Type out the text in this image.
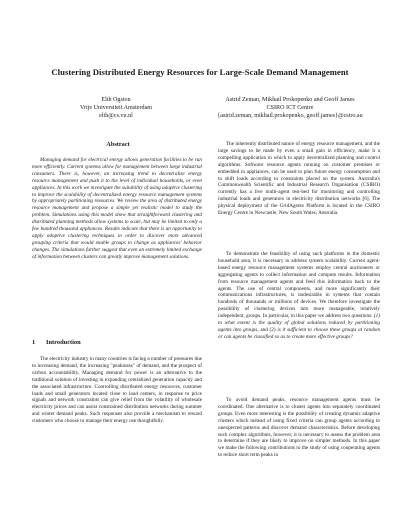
Clustering Distributed Energy Resources for Large-Scale Demand Management
Elth Ogston
Vrije Universiteit Amsterdam
elth@cs.vu.nl
Astrid Zeman, Mikhail Prokopenko and Geoff James
CSIRO ICT Centre
{astrid.zeman, mikhail.prokopenko, geoff.james}@csiro.au
Abstract
Managing demand for electrical energy allows generation facilities to be run more efficiently. Current systems allow for management between large industrial consumers. There is, however, an increasing trend to decentralize energy resource management and push it to the level of individual households, or even appliances. In this work we investigate the suitability of using adaptive clustering to improve the scalability of decentralized energy resource management systems by appropriately partitioning resources. We review the area of distributed energy resource management and propose a simple yet realistic model to study the problem. Simulations using this model show that straightforward clustering and distributed planning methods allow systems to scale, but may be limited to only a few hundred thousand appliances. Results indicate that there is an opportunity to apply adaptive clustering techniques in order to discover more advanced grouping criteria that would enable groups to change as appliances' behavior changes. The simulations further suggest that even an extremely limited exchange of information between clusters can greatly improve management solutions.
1 Introduction
The electricity industry in many countries is facing a number of pressures due to increasing demand, the increasing "peakiness" of demand, and the prospect of carbon accountability. Managing demand for power is an alternative to the traditional solution of investing in expanding centralized generation capacity and the associated infrastructure. Controlling distributed energy resources, customer loads and small generators located close to load centers, in response to price signals and network constraints can give relief from the volatility of wholesale electricity prices and can assist constrained distribution networks during summer and winter demand peaks. Such responses also provide a mechanism to reward customers who choose to manage their energy use thoughtfully.
The inherently distributed nature of energy resource management, and the large savings to be made by even a small gain in efficiency, make it a compelling application in which to apply decentralized planning and control algorithms. Software resource agents running on customer premises or embedded in appliances, can be used to plan future energy consumption and to shift loads according to constraints placed on the system. Australia's Commonwealth Scientific and Industrial Research Organisation (CSIRO) currently has a live multi-agent test-bed for monitoring and controlling industrial loads and generators in electricity distribution networks [6]. The physical deployment of the GridAgents Platform is located in the CSIRO Energy Centre in Newcastle, New South Wales, Australia.
To demonstrate the feasibility of using such platforms in the domestic household area, it is necessary to address system scalability. Current agent-based energy resource management systems employ central auctioneers or aggregating agents to collect information and compute results. Information from resource management agents and feed this information back to the agents. The use of central components, and more significantly their communications infrastructures, is undesirable in systems that contain hundreds of thousands or millions of devices. We therefore investigate the possibility of clustering devices into more manageable, relatively independent, groups. In particular, in this paper we address two questions: (1) to what extent is the quality of global solutions reduced by partitioning agents into groups, and (2) is it sufficient to choose these groups at random or can agents be classified so as to create more effective groups?
To avoid demand peaks, resource management agents must be coordinated. One alternative is to cluster agents into separately coordinated groups. Even more interesting is the possibility of creating dynamic adaptive clusters which instead of using fixed criteria can group agents according to unexpected patterns and discover demand characteristics. Before developing such complex algorithms, however, it is necessary to assess the problem area to determine if they are likely to improve on simpler methods. In this paper we make the following contributions to the study of using cooperating agents to reduce short term peaks in
